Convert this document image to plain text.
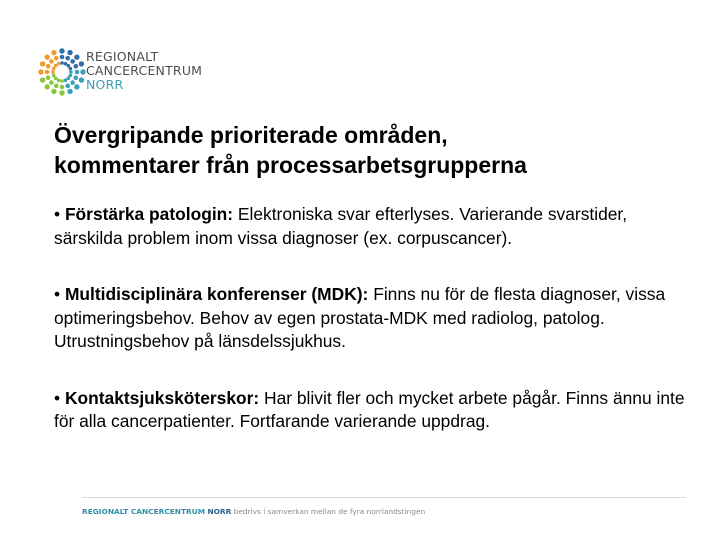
REGIONALT
CANCERCENTRUM
NORR
Övergripande prioriterade områden,
kommentarer från processarbetsgrupperna
• Förstärka patologin: Elektroniska svar efterlyses. Varierande svarstider, särskilda problem inom vissa diagnoser (ex. corpuscancer).
• Multidisciplinära konferenser (MDK): Finns nu för de flesta diagnoser, vissa optimeringsbehov. Behov av egen prostata-MDK med radiolog, patolog. Utrustningsbehov på länsdelssjukhus.
• Kontaktsjuksköterskor: Har blivit fler och mycket arbete pågår. Finns ännu inte för alla cancerpatienter. Fortfarande varierande uppdrag.
REGIONALT CANCERCENTRUM NORR bedrivs i samverkan mellan de fyra norrlandstingen
